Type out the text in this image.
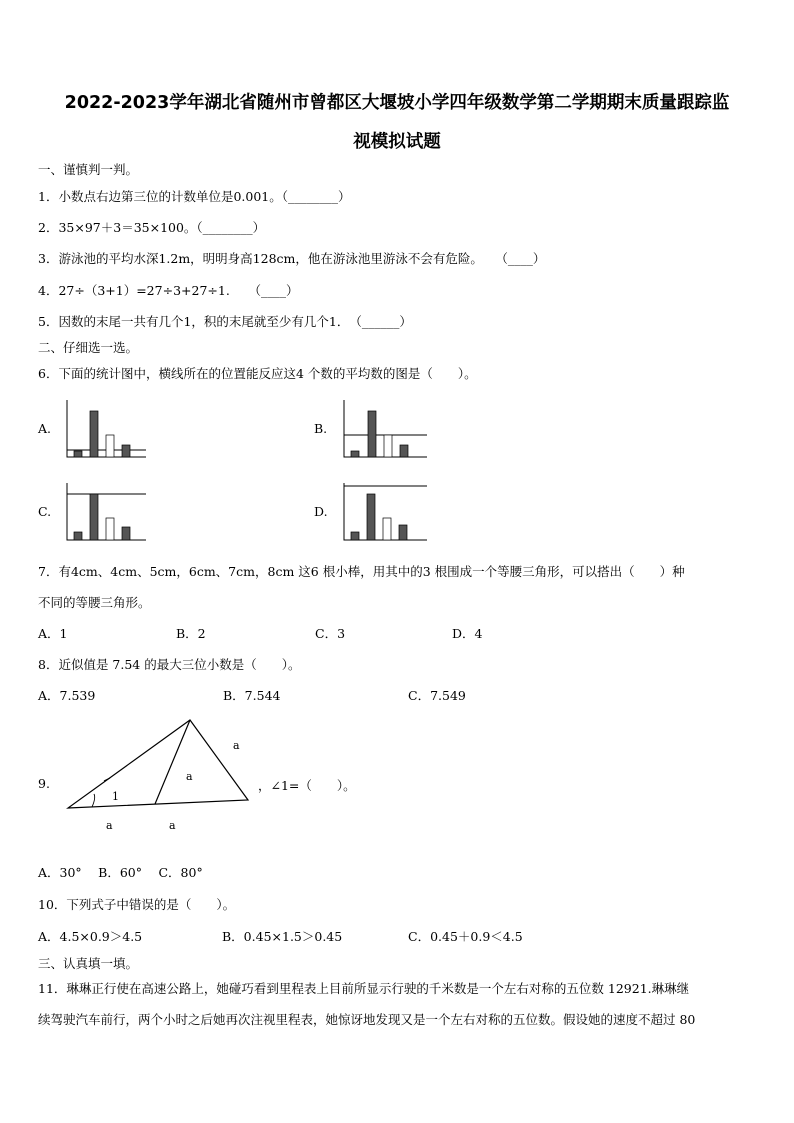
2022-2023学年湖北省随州市曾都区大堰坡小学四年级数学第二学期期末质量跟踪监
视模拟试题
一、谨慎判一判。
1．小数点右边第三位的计数单位是0.001。（________）
2．35×97＋3＝35×100。（________）
3．游泳池的平均水深1.2m，明明身高128cm，他在游泳池里游泳不会有危险。　　（____）
4．27÷（3+1）=27÷3+27÷1.　　（____）
5．因数的末尾一共有几个1，积的末尾就至少有几个1．　（______）
二、仔细选一选。
6．下面的统计图中，横线所在的位置能反应这4 个数的平均数的图是（　　）。
A.	B.
C.	D.
7．有4cm、4cm、5cm，6cm、7cm，8cm 这6 根小棒，用其中的3 根围成一个等腰三角形，可以搭出（　　）种
不同的等腰三角形。
A．1	B．2	C．3	D．4
8．近似值是 7.54 的最大三位小数是（　　）。
A．7.539	B．7.544	C．7.549
9.
1
a
a
a	a
，∠1=（　　）。
A．30°　 B．60°　 C．80°
10．下列式子中错误的是（　　）。
A．4.5×0.9＞4.5	B．0.45×1.5＞0.45	C．0.45＋0.9＜4.5
三、认真填一填。
11．琳琳正行使在高速公路上，她碰巧看到里程表上目前所显示行驶的千米数是一个左右对称的五位数 12921.琳琳继
续驾驶汽车前行，两个小时之后她再次注视里程表，她惊讶地发现又是一个左右对称的五位数。假设她的速度不超过 80
